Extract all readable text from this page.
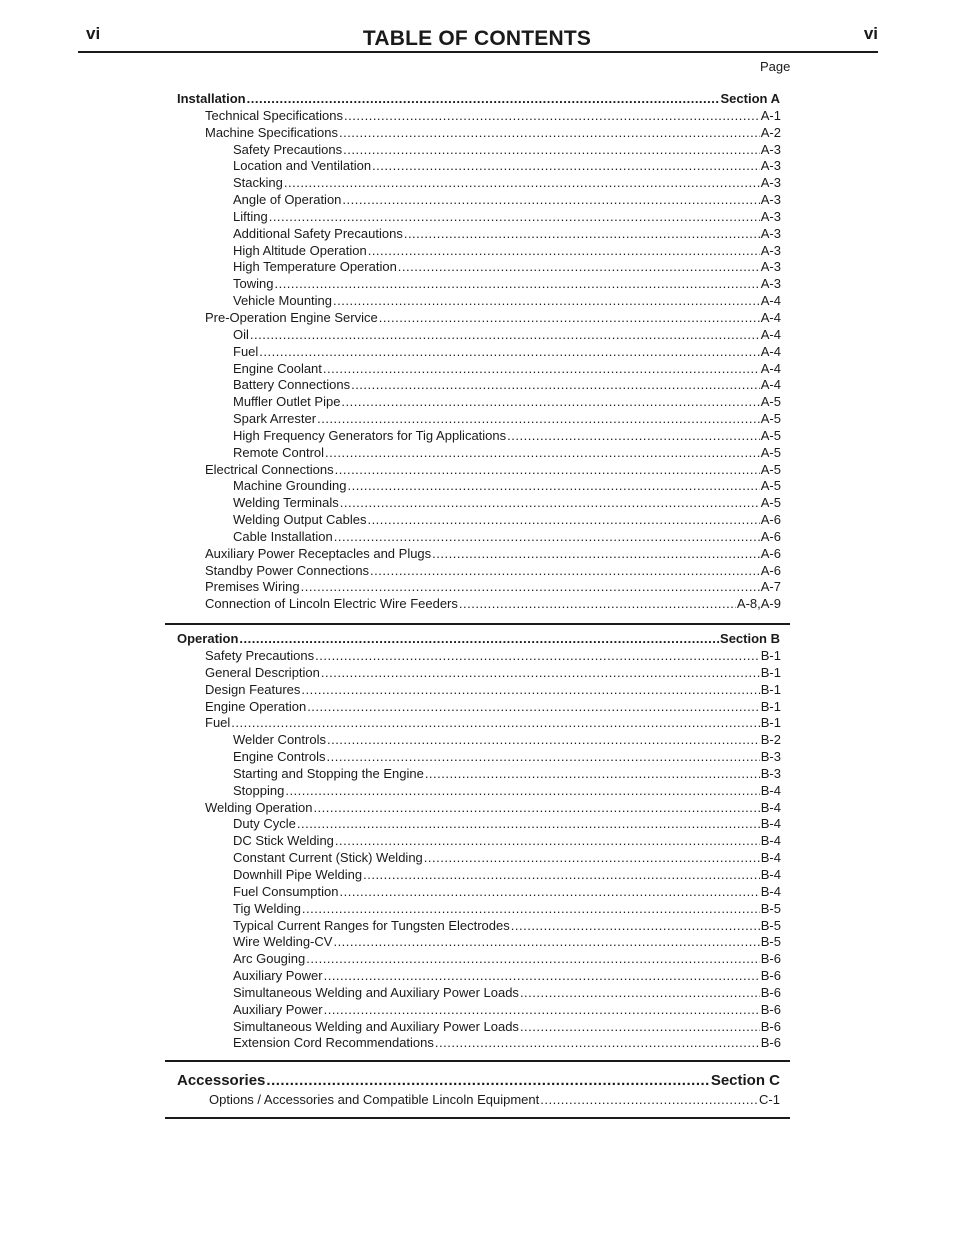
vi	TABLE OF CONTENTS	vi
Page
Installation .....	Section A
Technical Specifications .....	A-1
Machine Specifications .....	A-2
Safety Precautions .....	A-3
Location and Ventilation .....	A-3
Stacking .....	A-3
Angle of Operation .....	A-3
Lifting .....	A-3
Additional Safety Precautions .....	A-3
High Altitude Operation .....	A-3
High Temperature Operation .....	A-3
Towing .....	A-3
Vehicle Mounting .....	A-4
Pre-Operation Engine Service .....	A-4
Oil .....	A-4
Fuel .....	A-4
Engine Coolant .....	A-4
Battery Connections .....	A-4
Muffler Outlet Pipe .....	A-5
Spark Arrester .....	A-5
High Frequency Generators for Tig Applications .....	A-5
Remote Control .....	A-5
Electrical Connections .....	A-5
Machine Grounding .....	A-5
Welding Terminals .....	A-5
Welding Output Cables .....	A-6
Cable Installation .....	A-6
Auxiliary Power Receptacles and Plugs .....	A-6
Standby Power Connections .....	A-6
Premises Wiring .....	A-7
Connection of Lincoln Electric Wire Feeders .....	A-8,A-9
Operation .....	Section B
Safety Precautions .....	B-1
General Description .....	B-1
Design Features .....	B-1
Engine Operation .....	B-1
Fuel .....	B-1
Welder Controls .....	B-2
Engine Controls .....	B-3
Starting and Stopping the Engine .....	B-3
Stopping .....	B-4
Welding Operation .....	B-4
Duty Cycle .....	B-4
DC Stick Welding .....	B-4
Constant Current (Stick) Welding .....	B-4
Downhill Pipe Welding .....	B-4
Fuel Consumption .....	B-4
Tig Welding .....	B-5
Typical Current Ranges for Tungsten Electrodes .....	B-5
Wire Welding-CV .....	B-5
Arc Gouging .....	B-6
Auxiliary Power .....	B-6
Simultaneous Welding and Auxiliary Power Loads .....	B-6
Auxiliary Power .....	B-6
Simultaneous Welding and Auxiliary Power Loads .....	B-6
Extension Cord Recommendations .....	B-6
Accessories .....	Section C
Options / Accessories and Compatible Lincoln Equipment .....	C-1
